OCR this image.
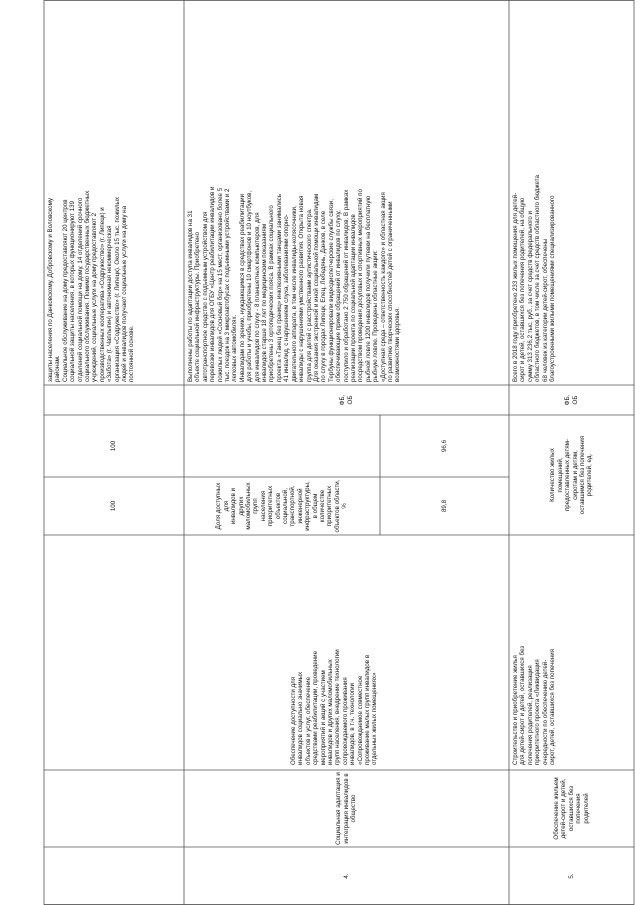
защиты населения по Данковскому, Добровскому и Воловскому
районам.
Социальное обслуживание на дому предоставляют 20 центров
социальной защиты населения, в которых функционируют 139
отделений социальной помощи на дому, 14 отделений срочного
социального обслуживания. Помимо государственных бюджетных
учреждений, социальные услуги на дому предоставляют 2
производственных кооператива «Содружество» (г. Липецк) и
«Забота» (г. Чаплыгин) и автономная некоммерческая
организация «Содружество» (г. Липецк). Около 15 тыс. пожилых
людей и инвалидов получают социальные услуги на дому на
постоянной основе.
4.
Социальная адаптация и
интеграция инвалидов в
общество
Обеспечение доступности для
инвалидов социально значимых
объектов и услуг, обеспечение
средствами реабилитации, проведение
мероприятий и акций с участием
инвалидов и других маломобильных
групп населения, внедрение технологии
сопровождаемого проживания
инвалидов, в т.ч. технологии
«Сопровождаемое совместное
проживание малых групп инвалидов в
отдельных жилых помещениях»
Доля доступных для
инвалидов и других
маломобильных групп
населения приоритетных
объектов социальной,
транспортной, инженерной
инфраструктуры, в общем
количестве приоритетных
объектов области, %	89,8
96,6
ФБ,
ОБ
Выполнены работы по адаптации доступа инвалидов на 31
объекте социальной инфраструктуры. Приобретено
автотранспортное средство с подъемным устройством для
перевозки инвалидов для ОГБУ «Центр реабилитации инвалидов и
пожилых людей «Сосновый бор» на 15 мест, организовано более 5
тыс. поездок на 3 микроавтобусах с подъемными устройствами и 2
легковых автомобилях.
Инвалидам по зрению, нуждающимся в средствах реабилитации
для работы и учебы, приобретены 10 смартфонов и 10 ноутбуков,
для инвалидов по слуху - 8 планшетных компьютеров, для
инвалидов старше 18 лет по медицинским показаниям
приобретены 3 ортопедических пояса. В рамках социального
проекта «Танец без границ» инклюзивными танцами занимались
41 инвалид, с нарушением слуха, заболеваниями опорно-
двигательного аппарата, в том числе инвалиды-колясочники,
инвалиды с нарушениями умственного развития. Открыта новая
группа для детей с расстройствами аутистического спектра.
Для оказания экстренной и иной социальной помощи инвалидам
по слуху в городах Липецк, Елец, Лебедянь, Данков, в селе
Тербуны функционировали видеодиспетчерские службы связи,
обеспечивающие прием обращений от инвалидов по слуху,
поступило и обработано 2 750 обращений от инвалидов. В рамках
реализации проекта по социальной адаптации инвалидов
посредством проведения досуговых и спортивных мероприятий по
рыбной ловле 1200 инвалидов получили путевки на бесплатную
рыбную ловлю. Проведены областные акции:
«Доступная среда – ответственность каждого» и областная акция
по развитию творческих способностей детей с ограниченными
возможностями здоровья.
100
100
5.
Обеспечение жильем
детей-сирот и детей,
оставшихся без попечения
родителей
Строительство и приобретение жилья
для детей-сирот и детей, оставшихся без
попечения родителей, реализация
приоритетного проекта «Ликвидация
очередности по обеспечению детей-
сирот, детей, оставшихся без попечения
Количество жилых
помещений,
предоставленных детям-
сиротам и детям,
оставшимся без попечения
родителей, ед.
ФБ,
ОБ
Всего в 2018 году приобретено 233 жилых помещения для детей-
сирот и детей, оставшихся без попечения родителей, на общую
сумму 313 236,2 тыс. руб., за счет средств федерального и
областного бюджетов, в том числе за счет средств областного бюджета
68 человек из категории детей-сирот, обеспечены
благоустроенными жилыми помещениями специализированного
